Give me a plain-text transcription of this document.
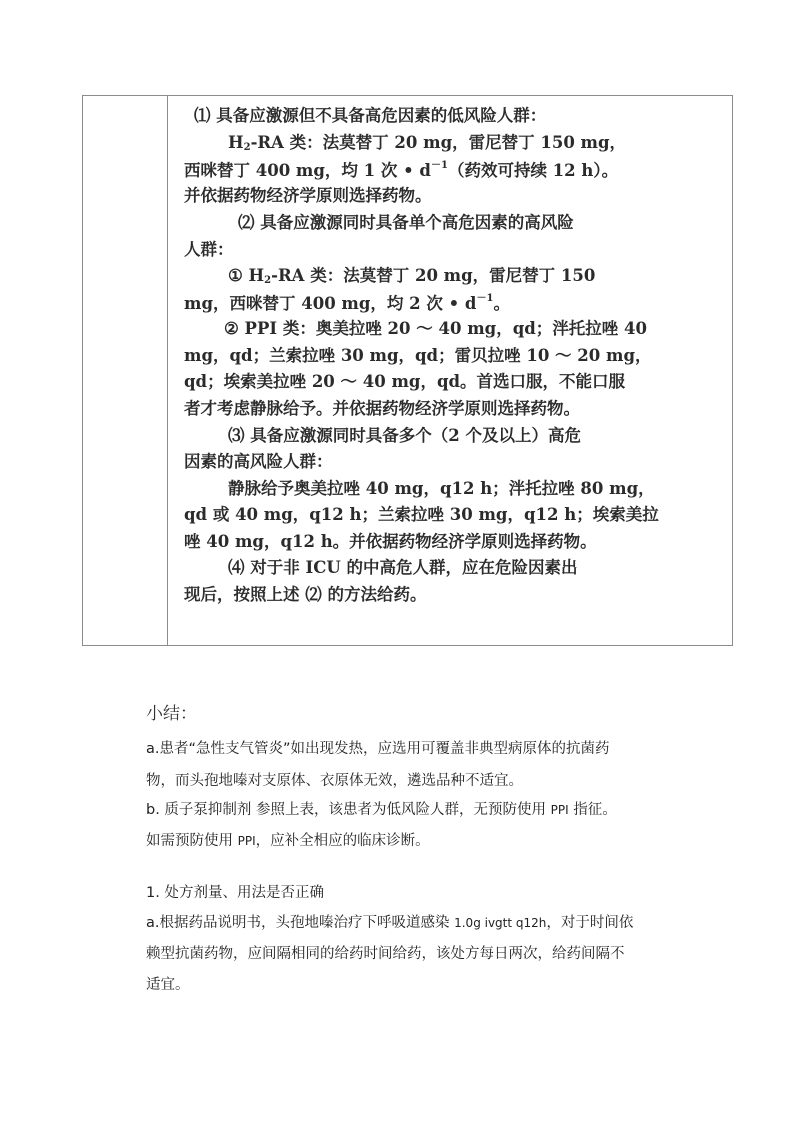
⑴ 具备应激源但不具备高危因素的低风险人群：
$H_2-RA$ 类：法莫替丁 20 mg，雷尼替丁 150 mg，
西咪替丁 400 mg，均 1 次 • $d^{-1}$（药效可持续 12 h）。
并依据药物经济学原则选择药物。
⑵ 具备应激源同时具备单个高危因素的高风险
人群：
① $H_2-RA$ 类：法莫替丁 20 mg，雷尼替丁 150
mg，西咪替丁 400 mg，均 2 次 • $d^{-1}$。
② PPI 类：奥美拉唑 20 ～ 40 mg，qd；泮托拉唑 40
mg，qd；兰索拉唑 30 mg，qd；雷贝拉唑 10 ～ 20 mg，
qd；埃索美拉唑 20 ～ 40 mg，qd。首选口服，不能口服
者才考虑静脉给予。并依据药物经济学原则选择药物。
⑶ 具备应激源同时具备多个（2 个及以上）高危
因素的高风险人群：
静脉给予奥美拉唑 40 mg，q12 h；泮托拉唑 80 mg，
qd 或 40 mg，q12 h；兰索拉唑 30 mg，q12 h；埃索美拉
唑 40 mg，q12 h。并依据药物经济学原则选择药物。
⑷ 对于非 ICU 的中高危人群，应在危险因素出
现后，按照上述 ⑵ 的方法给药。
小结：
a.患者“急性支气管炎”如出现发热，应选用可覆盖非典型病原体的抗菌药
物，而头孢地嗪对支原体、衣原体无效，遴选品种不适宜。
b. 质子泵抑制剂 参照上表，该患者为低风险人群，无预防使用 PPI 指征。
如需预防使用 PPI，应补全相应的临床诊断。
1. 处方剂量、用法是否正确
a.根据药品说明书，头孢地嗪治疗下呼吸道感染 1.0g ivgtt q12h，对于时间依
赖型抗菌药物，应间隔相同的给药时间给药，该处方每日两次，给药间隔不
适宜。
